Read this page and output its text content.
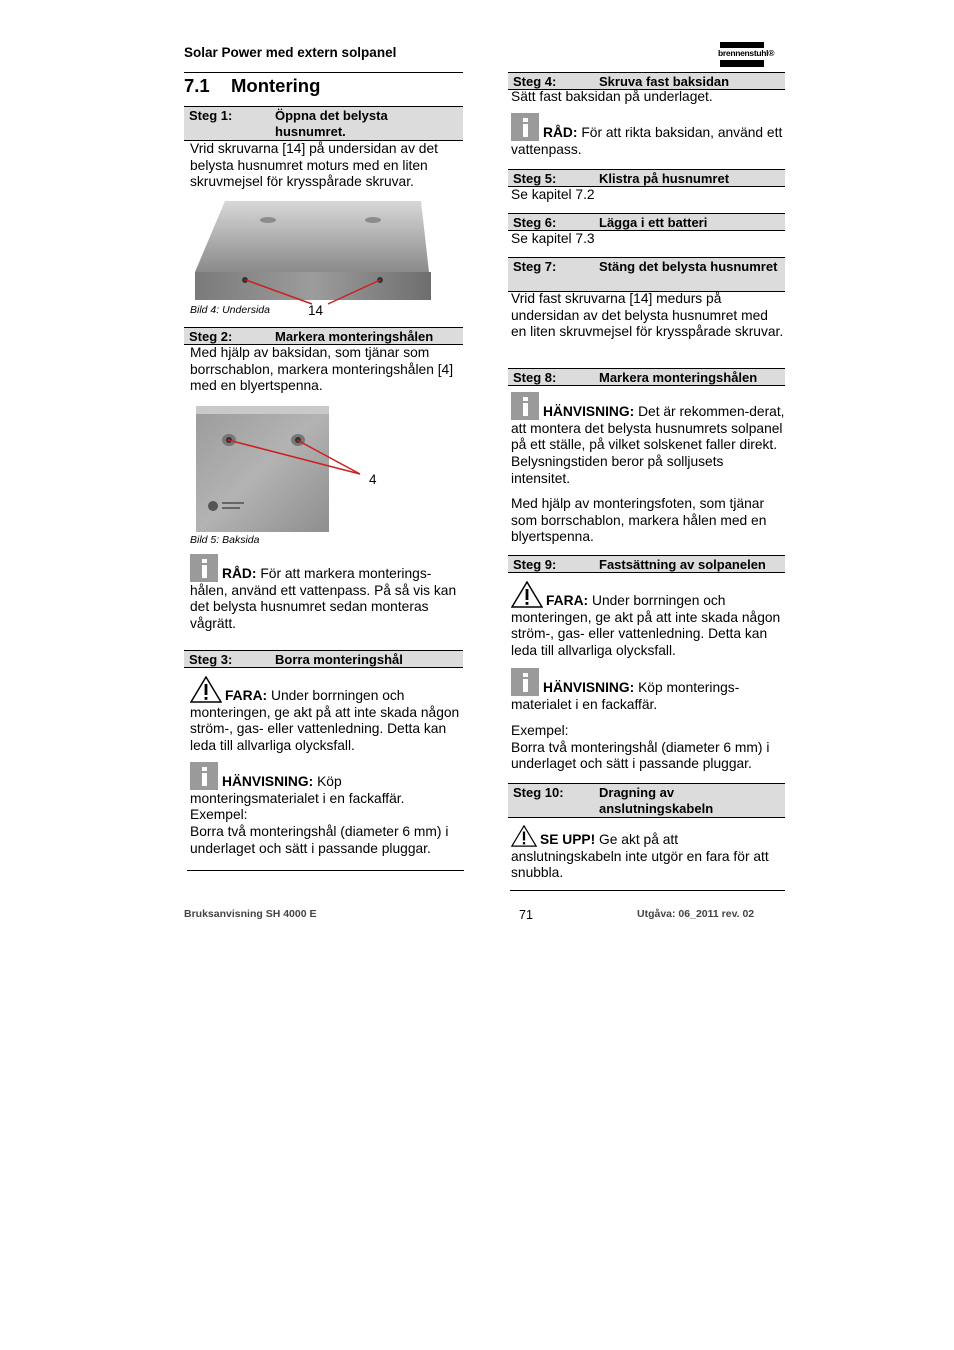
Solar Power med extern solpanel	brennenstuhl®
7.1 Montering
Steg 1:	Öppna det belysta husnumret.
Vrid skruvarna [14] på undersidan av det belysta husnumret moturs med en liten skruvmejsel för krysspårade skruvar.
Bild 4: Undersida	14
Steg 2:	Markera monteringshålen
Med hjälp av baksidan, som tjänar som borrschablon, markera monteringshålen [4] med en blyertspenna.
4
Bild 5: Baksida
RÅD: För att markera monterings-hålen, använd ett vattenpass. På så vis kan det belysta husnumret sedan monteras vågrätt.
Steg 3:	Borra monteringshål
FARA: Under borrningen och monteringen, ge akt på att inte skada någon ström-, gas- eller vattenledning. Detta kan leda till allvarliga olycksfall.
HÄNVISNING: Köp monteringsmaterialet i en fackaffär.
Exempel:
Borra två monteringshål (diameter 6 mm) i underlaget och sätt i passande pluggar.
Steg 4:	Skruva fast baksidan
Sätt fast baksidan på underlaget.
RÅD: För att rikta baksidan, använd ett vattenpass.
Steg 5:	Klistra på husnumret
Se kapitel 7.2
Steg 6:	Lägga i ett batteri
Se kapitel 7.3
Steg 7:	Stäng det belysta husnumret
Vrid fast skruvarna [14] medurs på undersidan av det belysta husnumret med en liten skruvmejsel för krysspårade skruvar.
Steg 8:	Markera monteringshålen
HÄNVISNING: Det är rekommen-derat, att montera det belysta husnumrets solpanel på ett ställe, på vilket solskenet faller direkt. Belysningstiden beror på solljusets intensitet.
Med hjälp av monteringsfoten, som tjänar som borrschablon, markera hålen med en blyertspenna.
Steg 9:	Fastsättning av solpanelen
FARA: Under borrningen och monteringen, ge akt på att inte skada någon ström-, gas- eller vattenledning. Detta kan leda till allvarliga olycksfall.
HÄNVISNING: Köp monterings-materialet i en fackaffär.
Exempel:
Borra två monteringshål (diameter 6 mm) i underlaget och sätt i passande pluggar.
Steg 10:	Dragning av anslutningskabeln
SE UPP! Ge akt på att anslutningskabeln inte utgör en fara för att snubbla.
Bruksanvisning SH 4000 E	71	Utgåva: 06_2011 rev. 02
